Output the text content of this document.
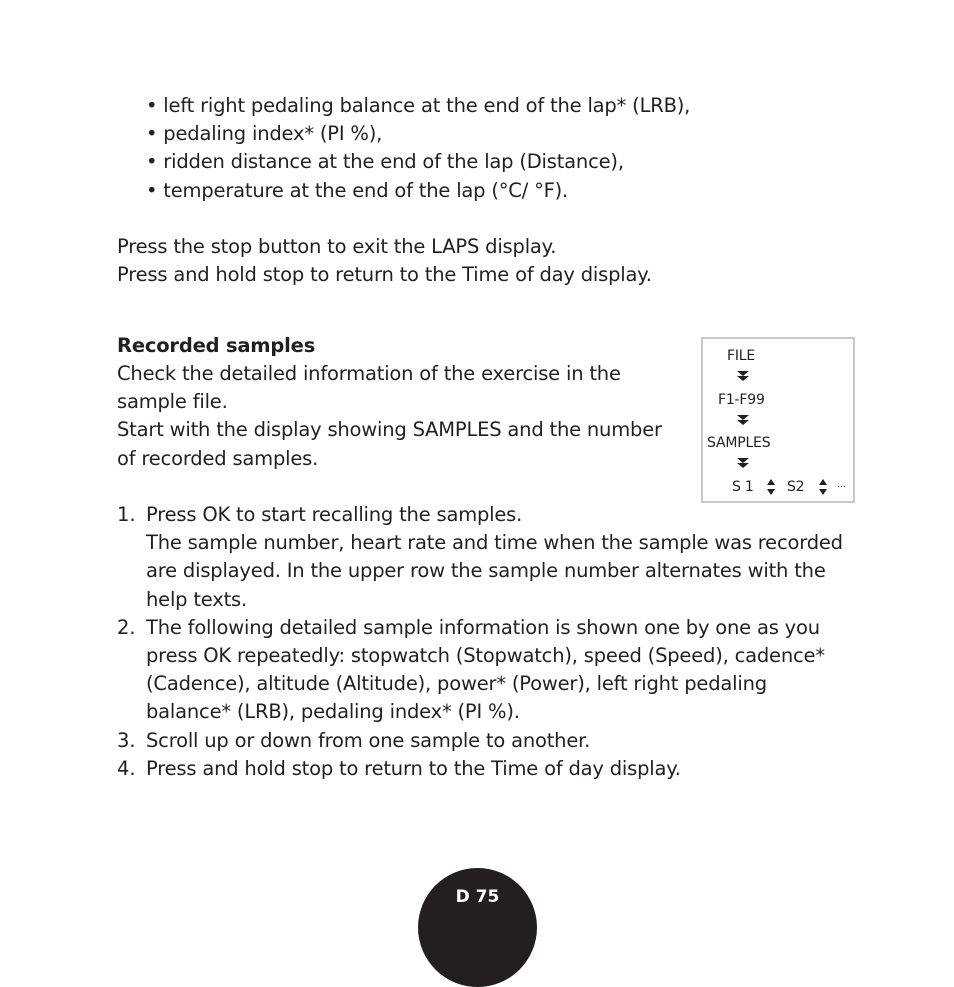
• left right pedaling balance at the end of the lap* (LRB),
• pedaling index* (PI %),
• ridden distance at the end of the lap (Distance),
• temperature at the end of the lap (°C/ °F).
Press the stop button to exit the LAPS display.
Press and hold stop to return to the Time of day display.
Recorded samples
Check the detailed information of the exercise in the
sample file.
Start with the display showing SAMPLES and the number
of recorded samples.
FILE
F1-F99
SAMPLES
S 1 S2	...
1. Press OK to start recalling the samples.
The sample number, heart rate and time when the sample was recorded
are displayed. In the upper row the sample number alternates with the
help texts.
2. The following detailed sample information is shown one by one as you
press OK repeatedly: stopwatch (Stopwatch), speed (Speed), cadence*
(Cadence), altitude (Altitude), power* (Power), left right pedaling
balance* (LRB), pedaling index* (PI %).
3. Scroll up or down from one sample to another.
4. Press and hold stop to return to the Time of day display.
D 75
